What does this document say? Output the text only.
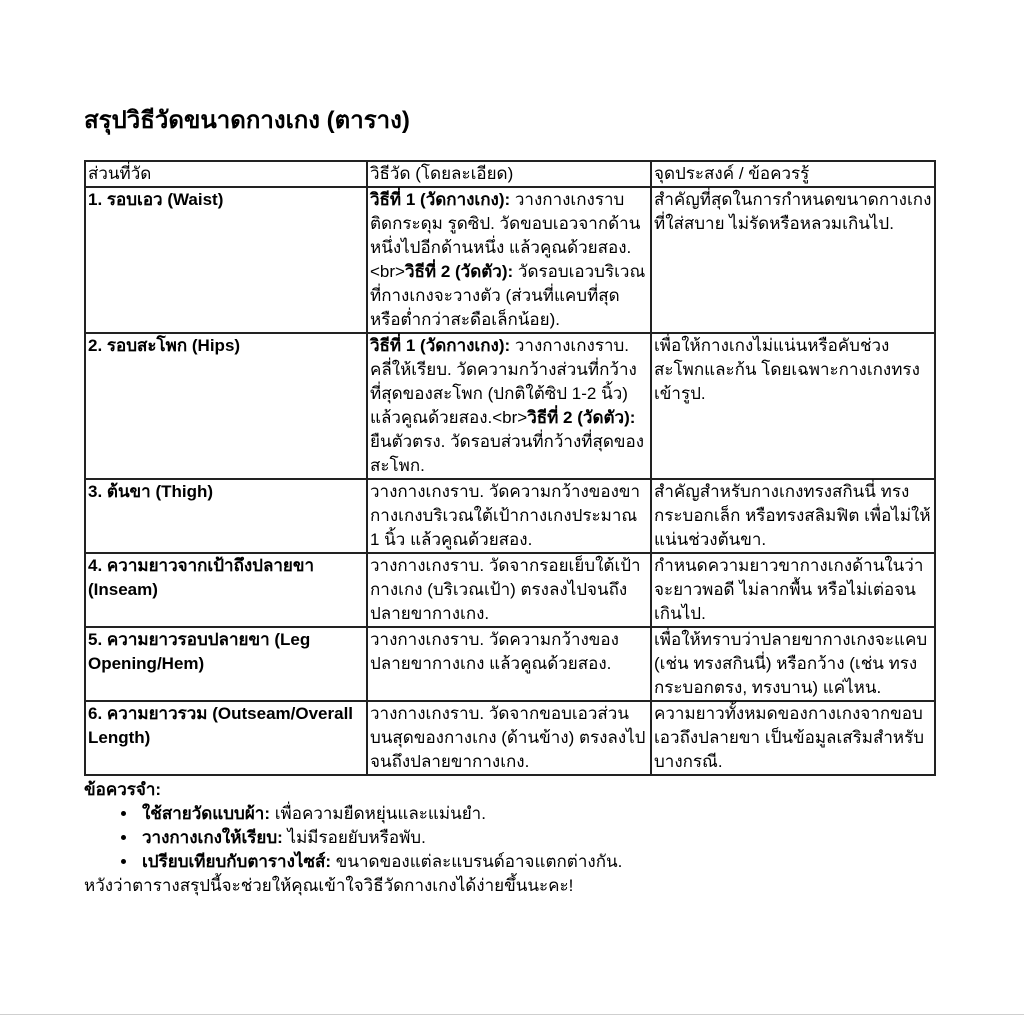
สรุปวิธีวัดขนาดกางเกง (ตาราง)
ส่วนที่วัด	วิธีวัด (โดยละเอียด)	จุดประสงค์ / ข้อควรรู้
1. รอบเอว (Waist)	วิธีที่ 1 (วัดกางเกง): วางกางเกงราบ ติดกระดุม รูดซิป. วัดขอบเอวจากด้านหนึ่งไปอีกด้านหนึ่ง แล้วคูณด้วยสอง.<br>วิธีที่ 2 (วัดตัว): วัดรอบเอวบริเวณที่กางเกงจะวางตัว (ส่วนที่แคบที่สุด หรือต่ำกว่าสะดือเล็กน้อย).	สำคัญที่สุดในการกำหนดขนาดกางเกงที่ใส่สบาย ไม่รัดหรือหลวมเกินไป.
2. รอบสะโพก (Hips)	วิธีที่ 1 (วัดกางเกง): วางกางเกงราบ. คลี่ให้เรียบ. วัดความกว้างส่วนที่กว้างที่สุดของสะโพก (ปกติใต้ซิป 1-2 นิ้ว) แล้วคูณด้วยสอง.<br>วิธีที่ 2 (วัดตัว): ยืนตัวตรง. วัดรอบส่วนที่กว้างที่สุดของสะโพก.	เพื่อให้กางเกงไม่แน่นหรือคับช่วงสะโพกและก้น โดยเฉพาะกางเกงทรงเข้ารูป.
3. ต้นขา (Thigh)	วางกางเกงราบ. วัดความกว้างของขากางเกงบริเวณใต้เป้ากางเกงประมาณ 1 นิ้ว แล้วคูณด้วยสอง.	สำคัญสำหรับกางเกงทรงสกินนี่ ทรงกระบอกเล็ก หรือทรงสลิมฟิต เพื่อไม่ให้แน่นช่วงต้นขา.
4. ความยาวจากเป้าถึงปลายขา (Inseam)	วางกางเกงราบ. วัดจากรอยเย็บใต้เป้ากางเกง (บริเวณเป้า) ตรงลงไปจนถึงปลายขากางเกง.	กำหนดความยาวขากางเกงด้านในว่าจะยาวพอดี ไม่ลากพื้น หรือไม่เต่อจนเกินไป.
5. ความยาวรอบปลายขา (Leg Opening/Hem)	วางกางเกงราบ. วัดความกว้างของปลายขากางเกง แล้วคูณด้วยสอง.	เพื่อให้ทราบว่าปลายขากางเกงจะแคบ (เช่น ทรงสกินนี่) หรือกว้าง (เช่น ทรงกระบอกตรง, ทรงบาน) แค่ไหน.
6. ความยาวรวม (Outseam/Overall Length)	วางกางเกงราบ. วัดจากขอบเอวส่วนบนสุดของกางเกง (ด้านข้าง) ตรงลงไปจนถึงปลายขากางเกง.	ความยาวทั้งหมดของกางเกงจากขอบเอวถึงปลายขา เป็นข้อมูลเสริมสำหรับบางกรณี.
ข้อควรจำ:
• ใช้สายวัดแบบผ้า: เพื่อความยืดหยุ่นและแม่นยำ.
• วางกางเกงให้เรียบ: ไม่มีรอยยับหรือพับ.
• เปรียบเทียบกับตารางไซส์: ขนาดของแต่ละแบรนด์อาจแตกต่างกัน.
หวังว่าตารางสรุปนี้จะช่วยให้คุณเข้าใจวิธีวัดกางเกงได้ง่ายขึ้นนะคะ!
